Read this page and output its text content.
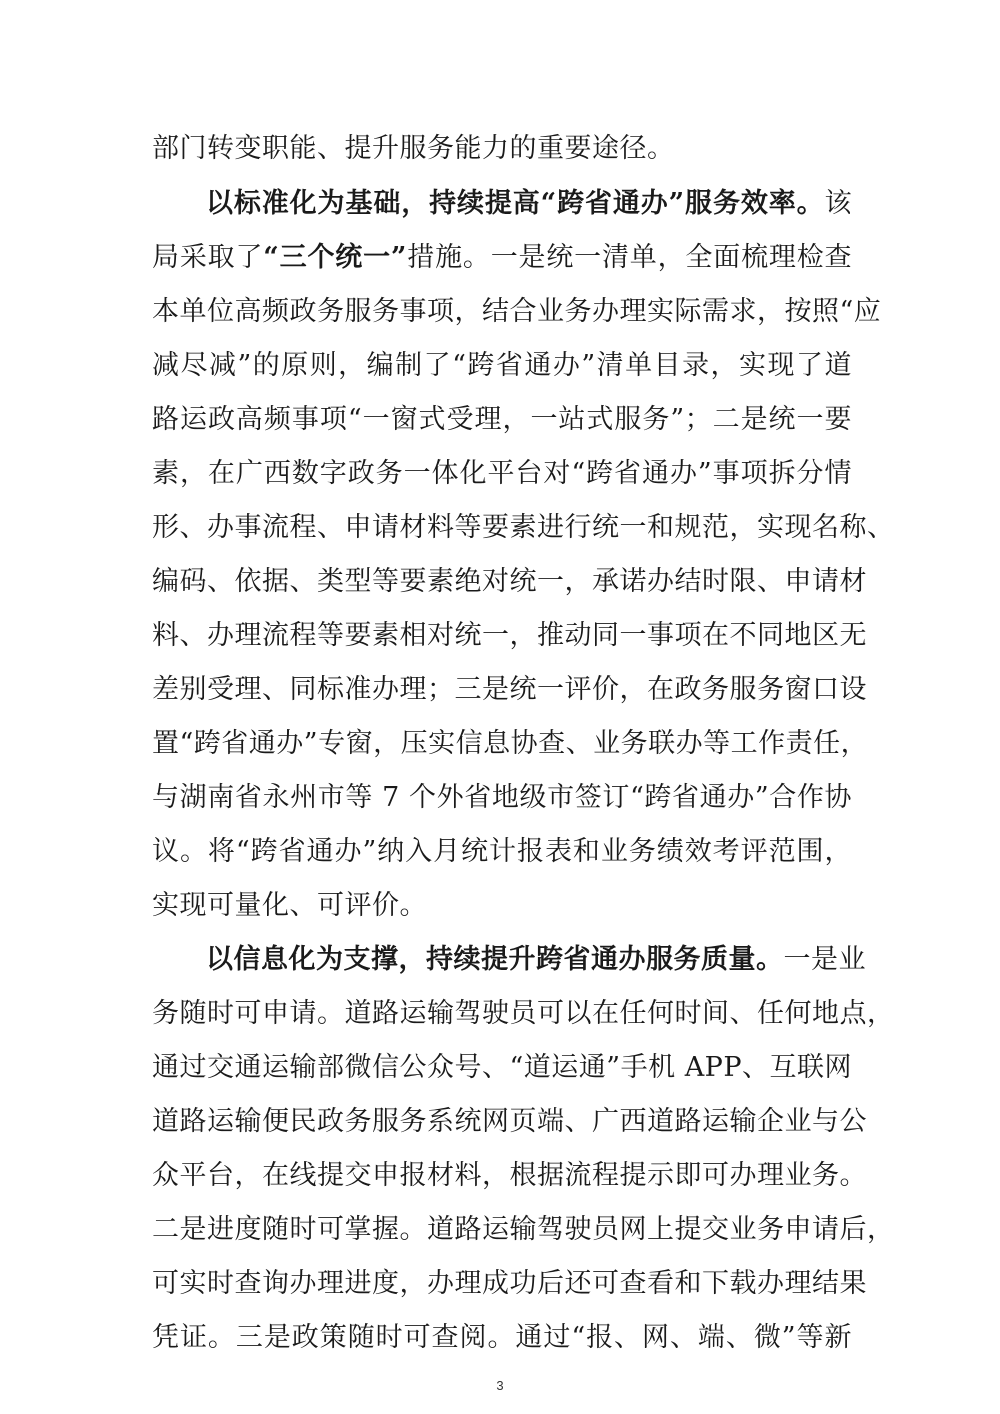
部门转变职能、提升服务能力的重要途径。
以标准化为基础，持续提高“跨省通办”服务效率。该
局采取了“三个统一”措施。一是统一清单，全面梳理检查
本单位高频政务服务事项，结合业务办理实际需求，按照“应
减尽减”的原则，编制了“跨省通办”清单目录，实现了道
路运政高频事项“一窗式受理，一站式服务”；二是统一要
素，在广西数字政务一体化平台对“跨省通办”事项拆分情
形、办事流程、申请材料等要素进行统一和规范，实现名称、
编码、依据、类型等要素绝对统一，承诺办结时限、申请材
料、办理流程等要素相对统一，推动同一事项在不同地区无
差别受理、同标准办理；三是统一评价，在政务服务窗口设
置“跨省通办”专窗，压实信息协查、业务联办等工作责任，
与湖南省永州市等 7 个外省地级市签订“跨省通办”合作协
议。将“跨省通办”纳入月统计报表和业务绩效考评范围，
实现可量化、可评价。
以信息化为支撑，持续提升跨省通办服务质量。一是业
务随时可申请。道路运输驾驶员可以在任何时间、任何地点，
通过交通运输部微信公众号、“道运通”手机 APP、互联网
道路运输便民政务服务系统网页端、广西道路运输企业与公
众平台，在线提交申报材料，根据流程提示即可办理业务。
二是进度随时可掌握。道路运输驾驶员网上提交业务申请后，
可实时查询办理进度，办理成功后还可查看和下载办理结果
凭证。三是政策随时可查阅。通过“报、网、端、微”等新
3
